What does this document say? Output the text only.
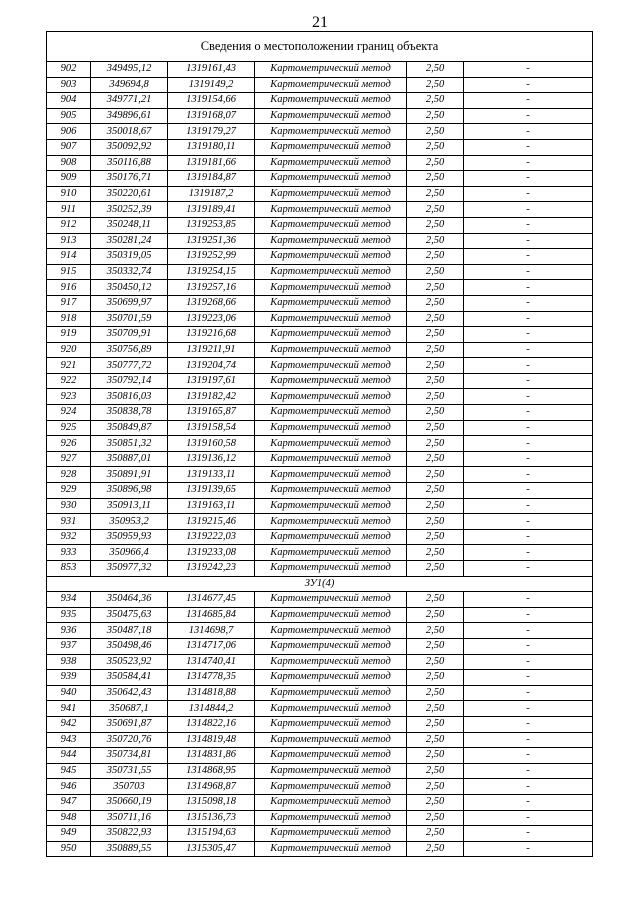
21
Сведения о местоположении границ объекта					
902	349495,12	1319161,43	Картометрический метод	2,50	-
903	349694,8	1319149,2	Картометрический метод	2,50	-
904	349771,21	1319154,66	Картометрический метод	2,50	-
905	349896,61	1319168,07	Картометрический метод	2,50	-
906	350018,67	1319179,27	Картометрический метод	2,50	-
907	350092,92	1319180,11	Картометрический метод	2,50	-
908	350116,88	1319181,66	Картометрический метод	2,50	-
909	350176,71	1319184,87	Картометрический метод	2,50	-
910	350220,61	1319187,2	Картометрический метод	2,50	-
911	350252,39	1319189,41	Картометрический метод	2,50	-
912	350248,11	1319253,85	Картометрический метод	2,50	-
913	350281,24	1319251,36	Картометрический метод	2,50	-
914	350319,05	1319252,99	Картометрический метод	2,50	-
915	350332,74	1319254,15	Картометрический метод	2,50	-
916	350450,12	1319257,16	Картометрический метод	2,50	-
917	350699,97	1319268,66	Картометрический метод	2,50	-
918	350701,59	1319223,06	Картометрический метод	2,50	-
919	350709,91	1319216,68	Картометрический метод	2,50	-
920	350756,89	1319211,91	Картометрический метод	2,50	-
921	350777,72	1319204,74	Картометрический метод	2,50	-
922	350792,14	1319197,61	Картометрический метод	2,50	-
923	350816,03	1319182,42	Картометрический метод	2,50	-
924	350838,78	1319165,87	Картометрический метод	2,50	-
925	350849,87	1319158,54	Картометрический метод	2,50	-
926	350851,32	1319160,58	Картометрический метод	2,50	-
927	350887,01	1319136,12	Картометрический метод	2,50	-
928	350891,91	1319133,11	Картометрический метод	2,50	-
929	350896,98	1319139,65	Картометрический метод	2,50	-
930	350913,11	1319163,11	Картометрический метод	2,50	-
931	350953,2	1319215,46	Картометрический метод	2,50	-
932	350959,93	1319222,03	Картометрический метод	2,50	-
933	350966,4	1319233,08	Картометрический метод	2,50	-
853	350977,32	1319242,23	Картометрический метод	2,50	-
ЗУ1(4)					
934	350464,36	1314677,45	Картометрический метод	2,50	-
935	350475,63	1314685,84	Картометрический метод	2,50	-
936	350487,18	1314698,7	Картометрический метод	2,50	-
937	350498,46	1314717,06	Картометрический метод	2,50	-
938	350523,92	1314740,41	Картометрический метод	2,50	-
939	350584,41	1314778,35	Картометрический метод	2,50	-
940	350642,43	1314818,88	Картометрический метод	2,50	-
941	350687,1	1314844,2	Картометрический метод	2,50	-
942	350691,87	1314822,16	Картометрический метод	2,50	-
943	350720,76	1314819,48	Картометрический метод	2,50	-
944	350734,81	1314831,86	Картометрический метод	2,50	-
945	350731,55	1314868,95	Картометрический метод	2,50	-
946	350703	1314968,87	Картометрический метод	2,50	-
947	350660,19	1315098,18	Картометрический метод	2,50	-
948	350711,16	1315136,73	Картометрический метод	2,50	-
949	350822,93	1315194,63	Картометрический метод	2,50	-
950	350889,55	1315305,47	Картометрический метод	2,50	-
